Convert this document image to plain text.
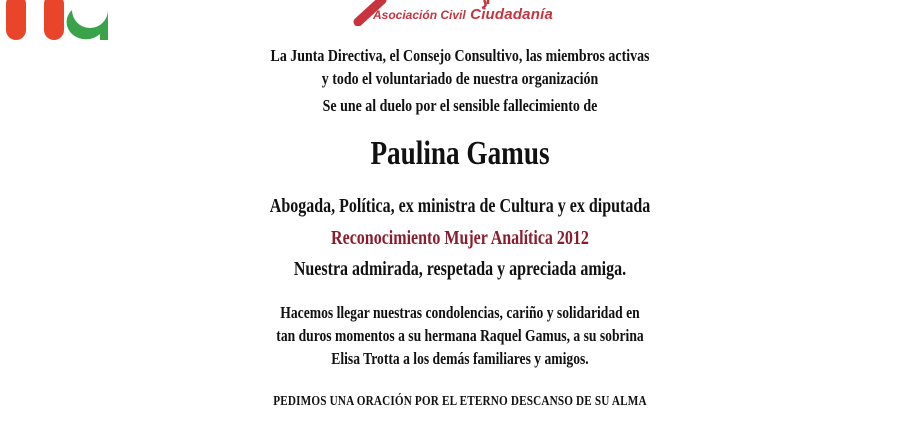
Asociación Civil Ciudadanía
La Junta Directiva, el Consejo Consultivo, las miembros activas
y todo el voluntariado de nuestra organización
Se une al duelo por el sensible fallecimiento de
Paulina Gamus
Abogada, Política, ex ministra de Cultura y ex diputada
Reconocimiento Mujer Analítica 2012
Nuestra admirada, respetada y apreciada amiga.
Hacemos llegar nuestras condolencias, cariño y solidaridad en
tan duros momentos a su hermana Raquel Gamus, a su sobrina
Elisa Trotta a los demás familiares y amigos.
PEDIMOS UNA ORACIÓN POR EL ETERNO DESCANSO DE SU ALMA
